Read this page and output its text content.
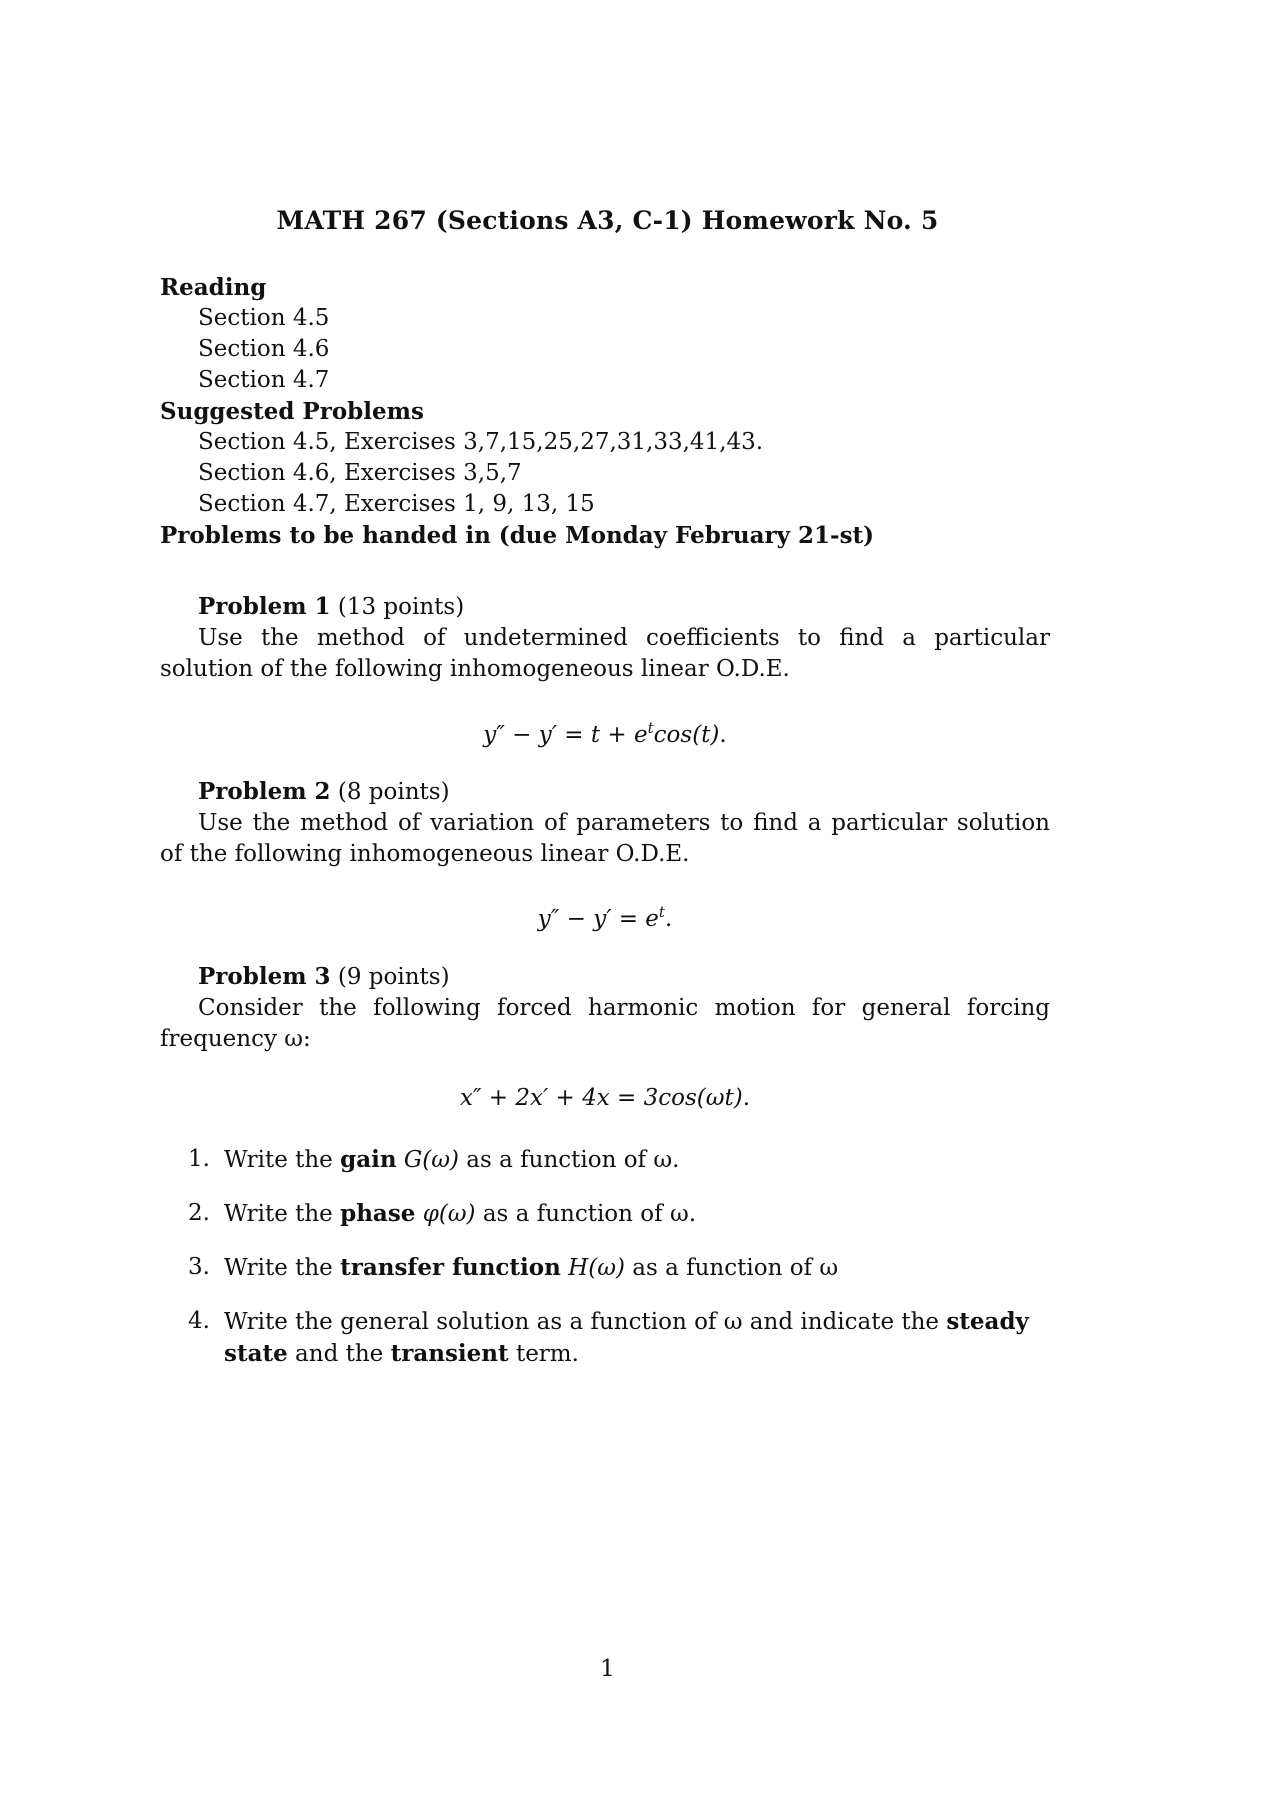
MATH 267 (Sections A3, C-1) Homework No. 5
Reading
Section 4.5
Section 4.6
Section 4.7
Suggested Problems
Section 4.5, Exercises 3,7,15,25,27,31,33,41,43.
Section 4.6, Exercises 3,5,7
Section 4.7, Exercises 1, 9, 13, 15
Problems to be handed in (due Monday February 21-st)
Problem 1 (13 points)

Use the method of undetermined coefficients to find a particular solution of the following inhomogeneous linear O.D.E.

$y'' - y' = t + e^t\cos(t)$.
Problem 2 (8 points)

Use the method of variation of parameters to find a particular solution of the following inhomogeneous linear O.D.E.

$y'' - y' = e^t$.
Problem 3 (9 points)

Consider the following forced harmonic motion for general forcing frequency ω:

x″ + 2x′ + 4x = 3cos(ωt).
1. Write the gain G(ω) as a function of ω.
2. Write the phase φ(ω) as a function of ω.
3. Write the transfer function H(ω) as a function of ω
4. Write the general solution as a function of ω and indicate the steady state and the transient term.
1
